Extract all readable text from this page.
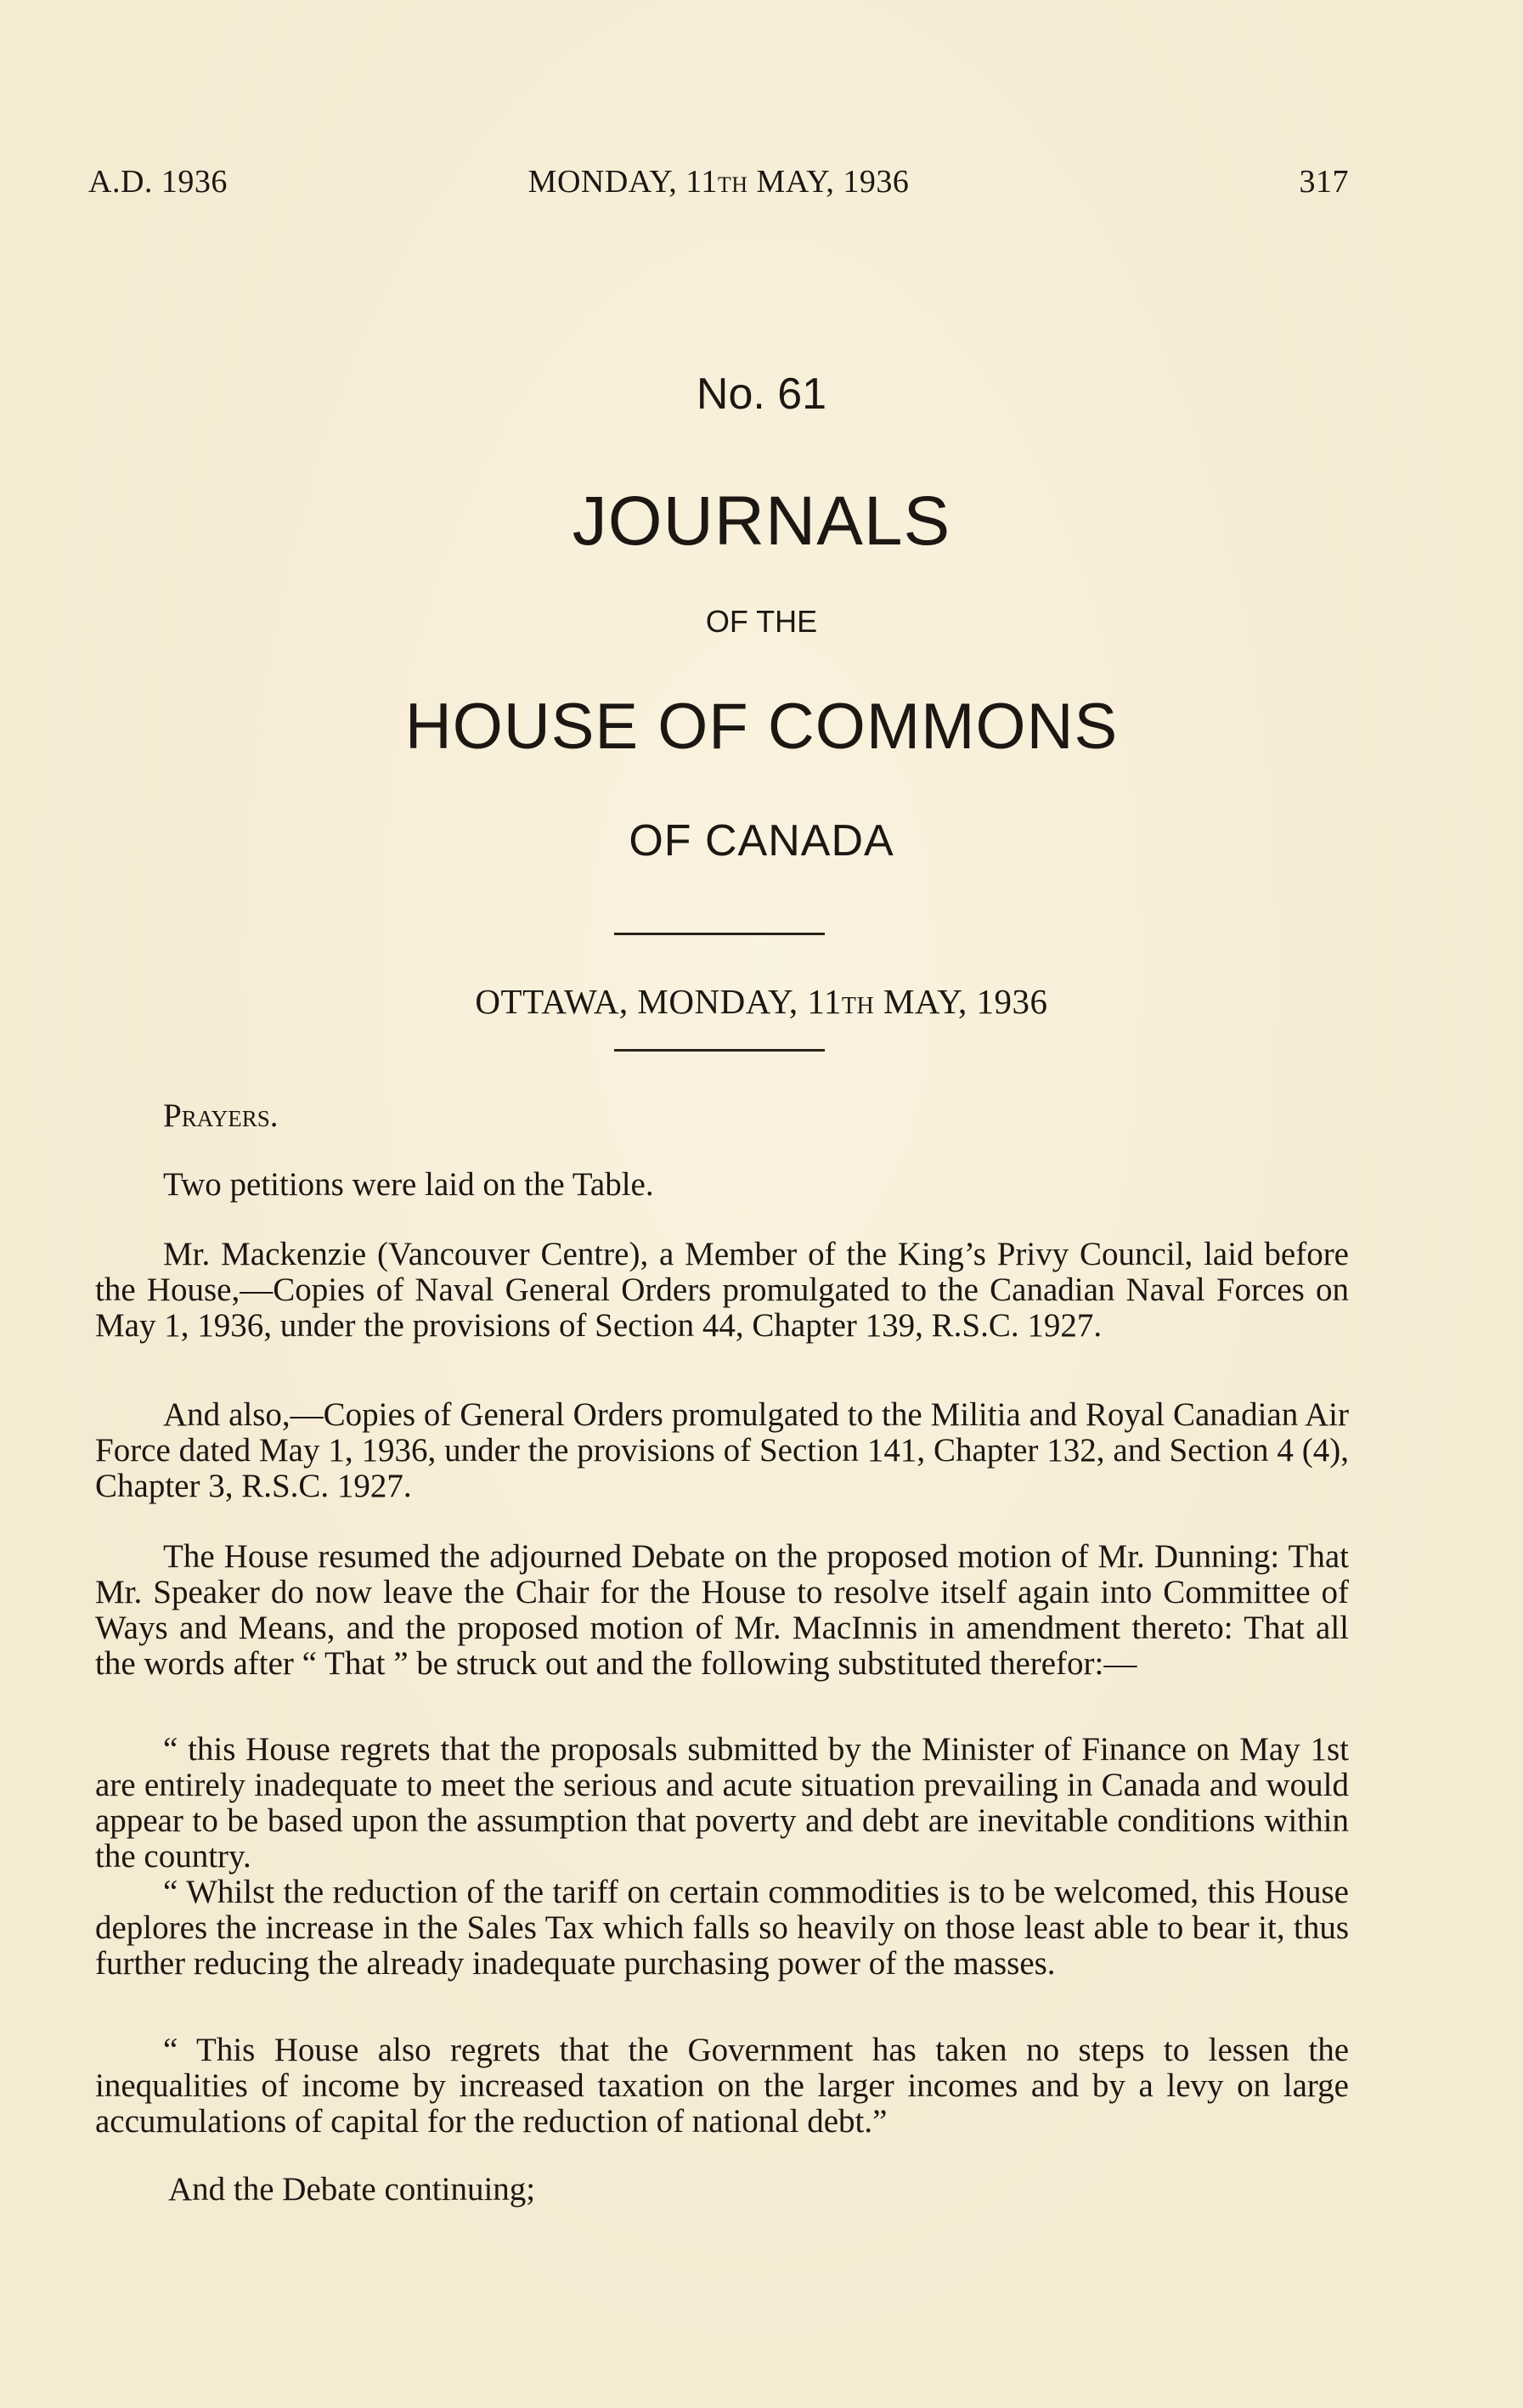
A.D. 1936	MONDAY, 11TH MAY, 1936	317
No. 61
JOURNALS
OF THE
HOUSE OF COMMONS
OF CANADA
OTTAWA, MONDAY, 11TH MAY, 1936

Prayers.

Two petitions were laid on the Table.

Mr. Mackenzie (Vancouver Centre), a Member of the King’s Privy Council, laid before the House,—Copies of Naval General Orders promulgated to the Canadian Naval Forces on May 1, 1936, under the provisions of Section 44, Chapter 139, R.S.C. 1927.

And also,—Copies of General Orders promulgated to the Militia and Royal Canadian Air Force dated May 1, 1936, under the provisions of Section 141, Chapter 132, and Section 4 (4), Chapter 3, R.S.C. 1927.

The House resumed the adjourned Debate on the proposed motion of Mr. Dunning: That Mr. Speaker do now leave the Chair for the House to resolve itself again into Committee of Ways and Means, and the proposed motion of Mr. MacInnis in amendment thereto: That all the words after “ That ” be struck out and the following substituted therefor:—

“ this House regrets that the proposals submitted by the Minister of Finance on May 1st are entirely inadequate to meet the serious and acute situation prevailing in Canada and would appear to be based upon the assumption that poverty and debt are inevitable conditions within the country.

“ Whilst the reduction of the tariff on certain commodities is to be welcomed, this House deplores the increase in the Sales Tax which falls so heavily on those least able to bear it, thus further reducing the already inadequate purchasing power of the masses.

“ This House also regrets that the Government has taken no steps to lessen the inequalities of income by increased taxation on the larger incomes and by a levy on large accumulations of capital for the reduction of national debt.”

And the Debate continuing;
